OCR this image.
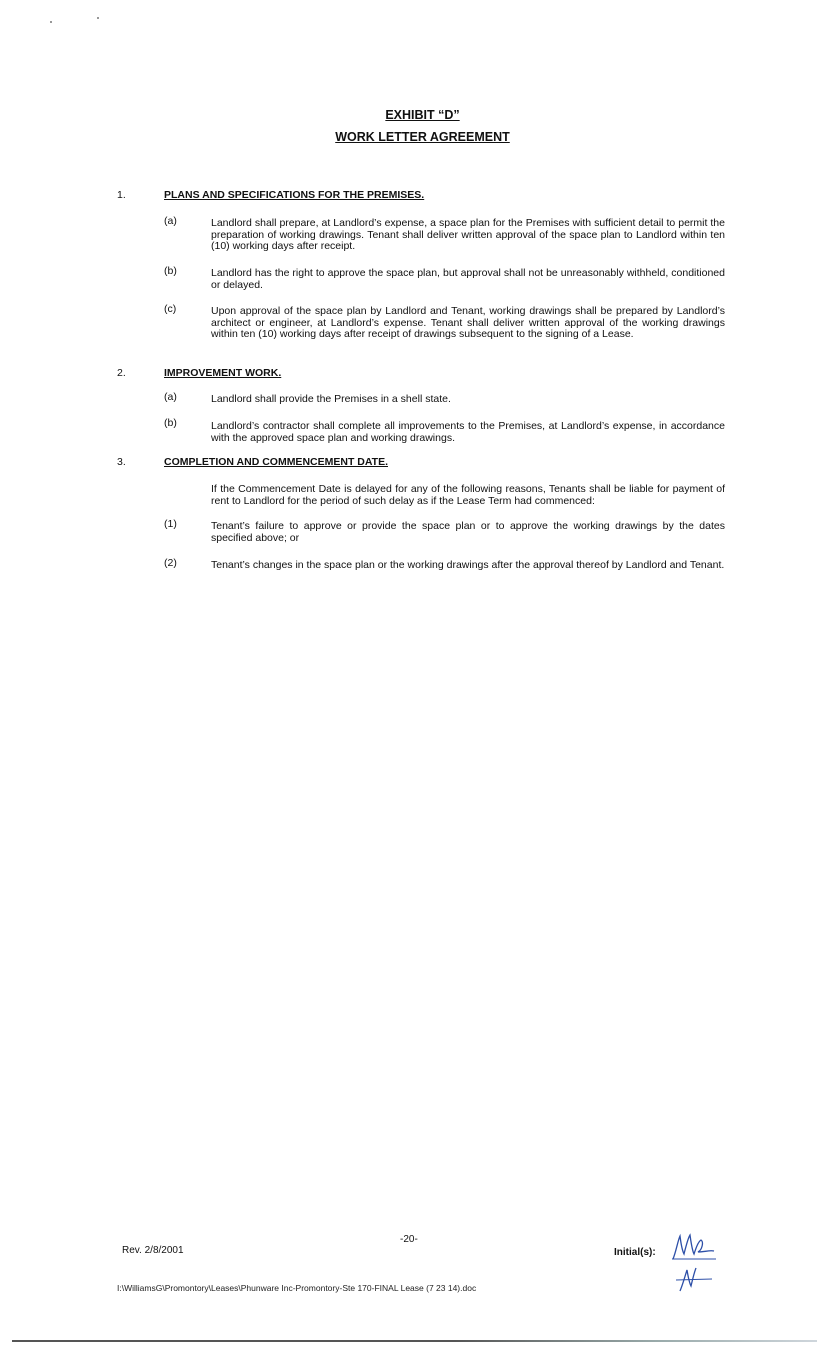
EXHIBIT “D”
WORK LETTER AGREEMENT
1.	PLANS AND SPECIFICATIONS FOR THE PREMISES.
(a)	Landlord shall prepare, at Landlord’s expense, a space plan for the Premises with sufficient detail to permit the preparation of working drawings. Tenant shall deliver written approval of the space plan to Landlord within ten (10) working days after receipt.
(b)	Landlord has the right to approve the space plan, but approval shall not be unreasonably withheld, conditioned or delayed.
(c)	Upon approval of the space plan by Landlord and Tenant, working drawings shall be prepared by Landlord’s architect or engineer, at Landlord’s expense. Tenant shall deliver written approval of the working drawings within ten (10) working days after receipt of drawings subsequent to the signing of a Lease.
2.	IMPROVEMENT WORK.
(a)	Landlord shall provide the Premises in a shell state.
(b)	Landlord’s contractor shall complete all improvements to the Premises, at Landlord’s expense, in accordance with the approved space plan and working drawings.
3.	COMPLETION AND COMMENCEMENT DATE.
If the Commencement Date is delayed for any of the following reasons, Tenants shall be liable for payment of rent to Landlord for the period of such delay as if the Lease Term had commenced:
(1)	Tenant’s failure to approve or provide the space plan or to approve the working drawings by the dates specified above; or
(2)	Tenant’s changes in the space plan or the working drawings after the approval thereof by Landlord and Tenant.
-20-
Rev. 2/8/2001	Initial(s):
I:\WilliamsG\Promontory\Leases\Phunware Inc-Promontory-Ste 170-FINAL Lease (7 23 14).doc
